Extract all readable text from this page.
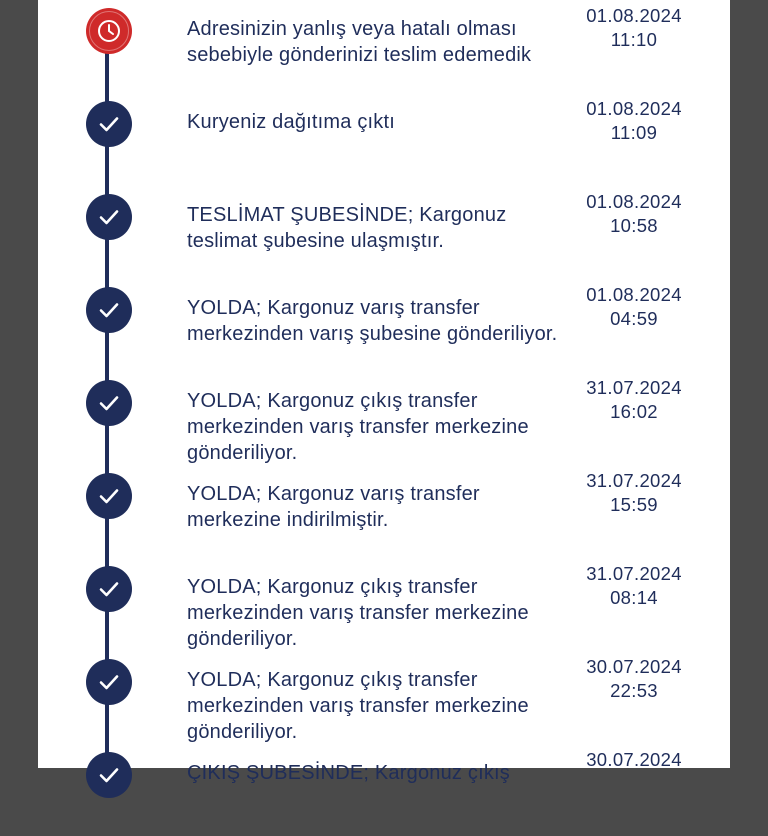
Adresinizin yanlış veya hatalı olması sebebiyle gönderinizi teslim edemedik
01.08.2024
11:10
Kuryeniz dağıtıma çıktı
01.08.2024
11:09
TESLİMAT ŞUBESİNDE; Kargonuz teslimat şubesine ulaşmıştır.
01.08.2024
10:58
YOLDA; Kargonuz varış transfer merkezinden varış şubesine gönderiliyor.
01.08.2024
04:59
YOLDA; Kargonuz çıkış transfer merkezinden varış transfer merkezine gönderiliyor.
31.07.2024
16:02
YOLDA; Kargonuz varış transfer merkezine indirilmiştir.
31.07.2024
15:59
YOLDA; Kargonuz çıkış transfer merkezinden varış transfer merkezine gönderiliyor.
31.07.2024
08:14
YOLDA; Kargonuz çıkış transfer merkezinden varış transfer merkezine gönderiliyor.
30.07.2024
22:53
ÇIKIŞ ŞUBESİNDE; Kargonuz çıkış
30.07.2024
